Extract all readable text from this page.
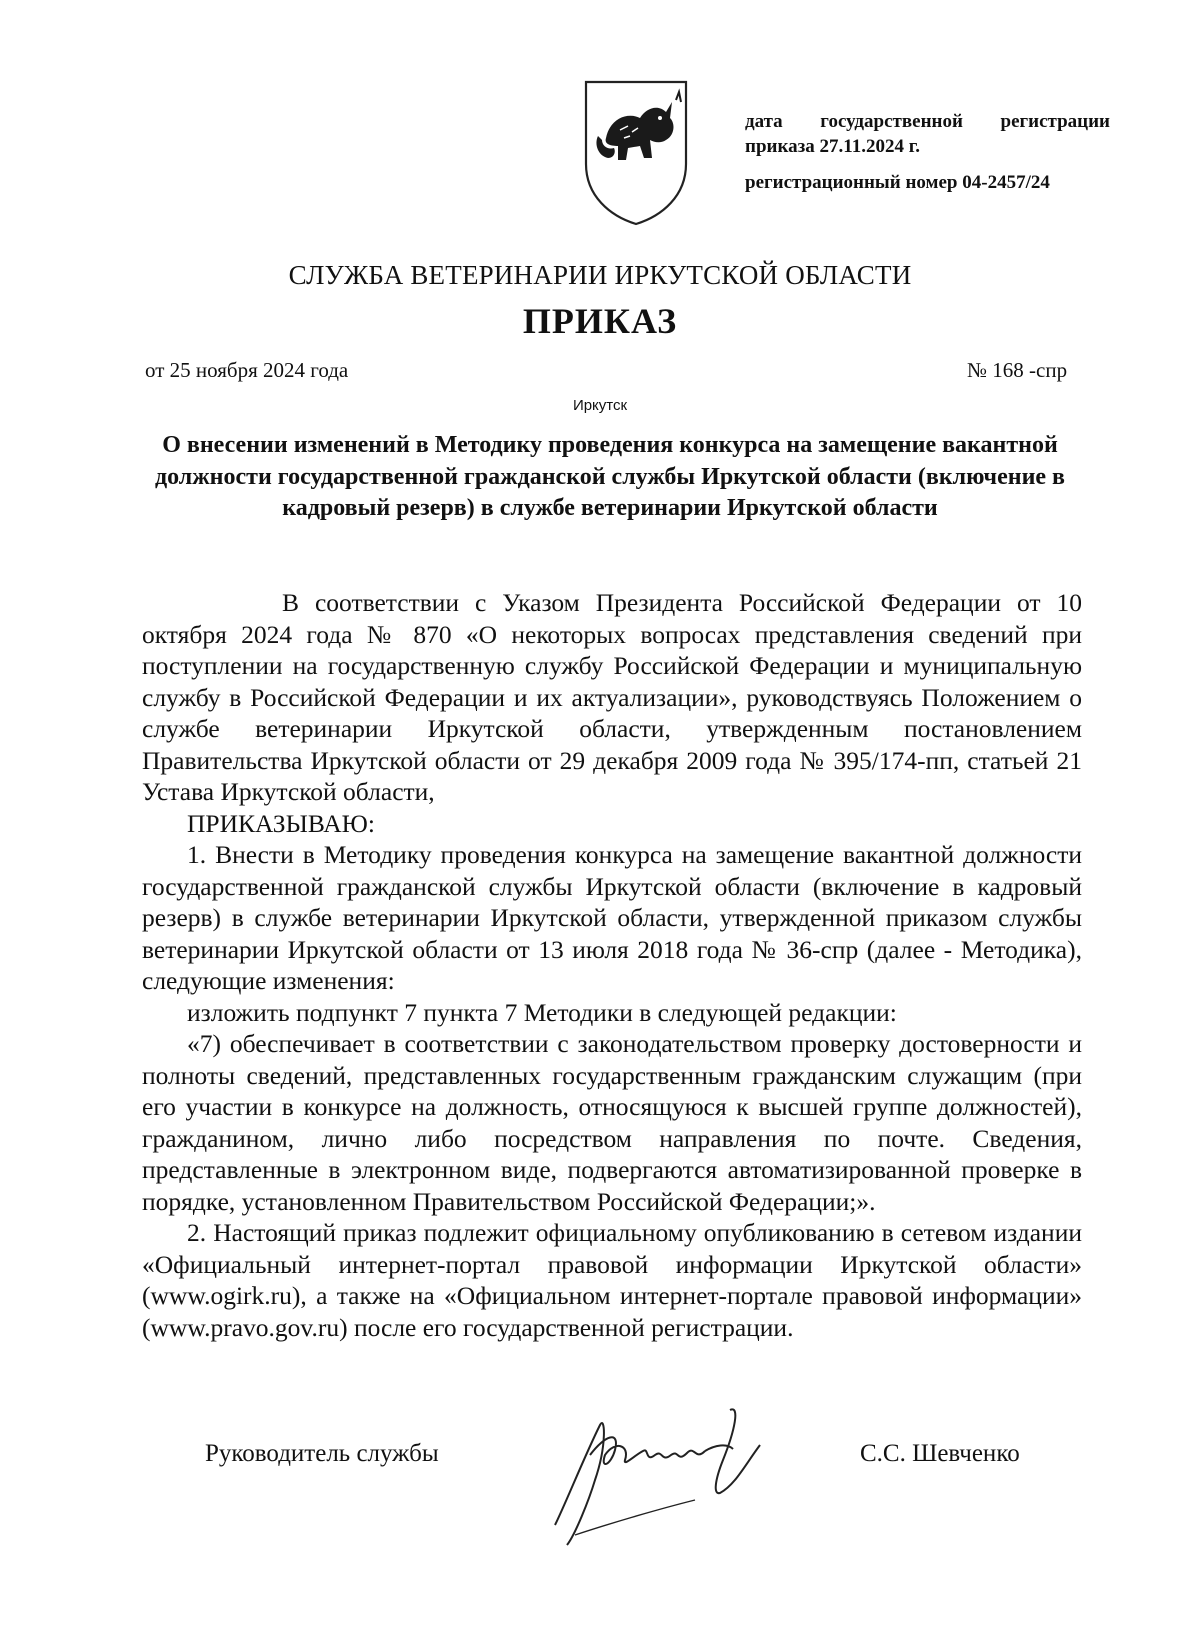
дата государственной регистрации
приказа 27.11.2024 г.
регистрационный номер 04-2457/24
СЛУЖБА ВЕТЕРИНАРИИ ИРКУТСКОЙ ОБЛАСТИ
ПРИКАЗ
от 25 ноября 2024 года	№ 168 -спр
Иркутск
О внесении изменений в Методику проведения конкурса на замещение вакантной должности государственной гражданской службы Иркутской области (включение в кадровый резерв) в службе ветеринарии Иркутской области

В соответствии с Указом Президента Российской Федерации от 10 октября 2024 года № 870 «О некоторых вопросах представления сведений при поступлении на государственную службу Российской Федерации и муниципальную службу в Российской Федерации и их актуализации», руководствуясь Положением о службе ветеринарии Иркутской области, утвержденным постановлением Правительства Иркутской области от 29 декабря 2009 года № 395/174-пп, статьей 21 Устава Иркутской области,

ПРИКАЗЫВАЮ:

1. Внести в Методику проведения конкурса на замещение вакантной должности государственной гражданской службы Иркутской области (включение в кадровый резерв) в службе ветеринарии Иркутской области, утвержденной приказом службы ветеринарии Иркутской области от 13 июля 2018 года № 36-спр (далее - Методика), следующие изменения:

изложить подпункт 7 пункта 7 Методики в следующей редакции:

«7) обеспечивает в соответствии с законодательством проверку достоверности и полноты сведений, представленных государственным гражданским служащим (при его участии в конкурсе на должность, относящуюся к высшей группе должностей), гражданином, лично либо посредством направления по почте. Сведения, представленные в электронном виде, подвергаются автоматизированной проверке в порядке, установленном Правительством Российской Федерации;».

2. Настоящий приказ подлежит официальному опубликованию в сетевом издании «Официальный интернет-портал правовой информации Иркутской области» (www.ogirk.ru), а также на «Официальном интернет-портале правовой информации» (www.pravo.gov.ru) после его государственной регистрации.

Руководитель службы	С.С. Шевченко
